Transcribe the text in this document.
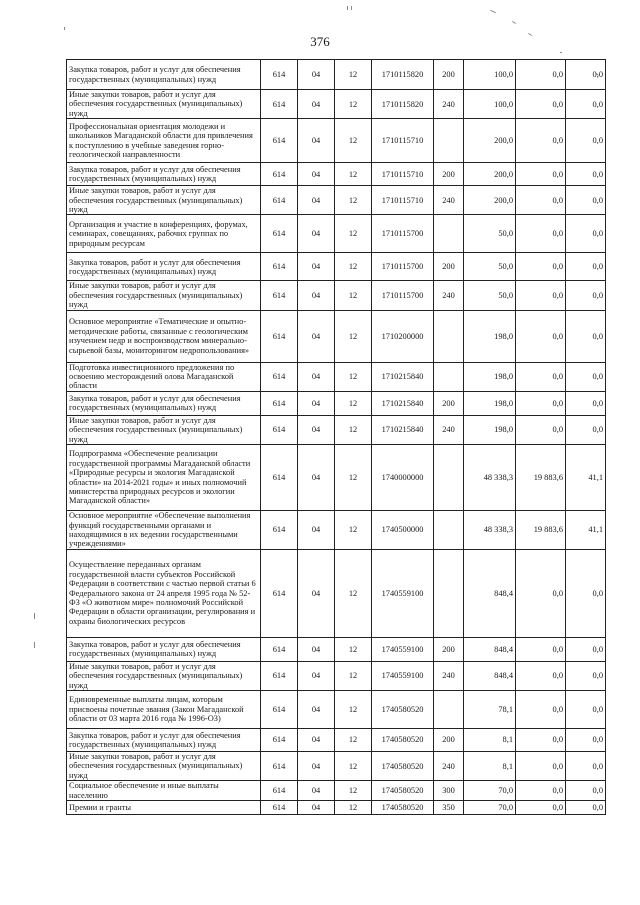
376
Закупка товаров, работ и услуг для обеспечения государственных (муниципальных) нужд	614	04	12	1710115820	200	100,0	0,0	0,0
Иные закупки товаров, работ и услуг для обеспечения государственных (муниципальных) нужд	614	04	12	1710115820	240	100,0	0,0	0,0
Профессиональная ориентация молодежи и школьников Магаданской области для привлечения к поступлению в учебные заведения горно-геологической направленности	614	04	12	1710115710		200,0	0,0	0,0
Закупка товаров, работ и услуг для обеспечения государственных (муниципальных) нужд	614	04	12	1710115710	200	200,0	0,0	0,0
Иные закупки товаров, работ и услуг для обеспечения государственных (муниципальных) нужд	614	04	12	1710115710	240	200,0	0,0	0,0
Организация и участие в конференциях, форумах, семинарах, совещаниях, рабочих группах по природным ресурсам	614	04	12	1710115700		50,0	0,0	0,0
Закупка товаров, работ и услуг для обеспечения государственных (муниципальных) нужд	614	04	12	1710115700	200	50,0	0,0	0,0
Иные закупки товаров, работ и услуг для обеспечения государственных (муниципальных) нужд	614	04	12	1710115700	240	50,0	0,0	0,0
Основное мероприятие «Тематические и опытно-методические работы, связанные с геологическим изучением недр и воспроизводством минерально-сырьевой базы, мониторингом недропользования»	614	04	12	1710200000		198,0	0,0	0,0
Подготовка инвестиционного предложения по освоению месторождений олова Магаданской области	614	04	12	1710215840		198,0	0,0	0,0
Закупка товаров, работ и услуг для обеспечения государственных (муниципальных) нужд	614	04	12	1710215840	200	198,0	0,0	0,0
Иные закупки товаров, работ и услуг для обеспечения государственных (муниципальных) нужд	614	04	12	1710215840	240	198,0	0,0	0,0
Подпрограмма «Обеспечение реализации государственной программы Магаданской области «Природные ресурсы и экология Магаданской области» на 2014-2021 годы» и иных полномочий министерства природных ресурсов и экологии Магаданской области»	614	04	12	1740000000		48 338,3	19 883,6	41,1
Основное мероприятие «Обеспечение выполнения функций государственными органами и находящимися в их ведении государственными учреждениями»	614	04	12	1740500000		48 338,3	19 883,6	41,1
Осуществление переданных органам государственной власти субъектов Российской Федерации в соответствии с частью первой статьи 6 Федерального закона от 24 апреля 1995 года № 52-ФЗ «О животном мире» полномочий Российской Федерации в области организации, регулирования и охраны биологических ресурсов	614	04	12	1740559100		848,4	0,0	0,0
Закупка товаров, работ и услуг для обеспечения государственных (муниципальных) нужд	614	04	12	1740559100	200	848,4	0,0	0,0
Иные закупки товаров, работ и услуг для обеспечения государственных (муниципальных) нужд	614	04	12	1740559100	240	848,4	0,0	0,0
Единовременные выплаты лицам, которым присвоены почетные звания (Закон Магаданской области от 03 марта 2016 года № 1996-ОЗ)	614	04	12	1740580520		78,1	0,0	0,0
Закупка товаров, работ и услуг для обеспечения государственных (муниципальных) нужд	614	04	12	1740580520	200	8,1	0,0	0,0
Иные закупки товаров, работ и услуг для обеспечения государственных (муниципальных) нужд	614	04	12	1740580520	240	8,1	0,0	0,0
Социальное обеспечение и иные выплаты населению	614	04	12	1740580520	300	70,0	0,0	0,0
Премии и гранты	614	04	12	1740580520	350	70,0	0,0	0,0
